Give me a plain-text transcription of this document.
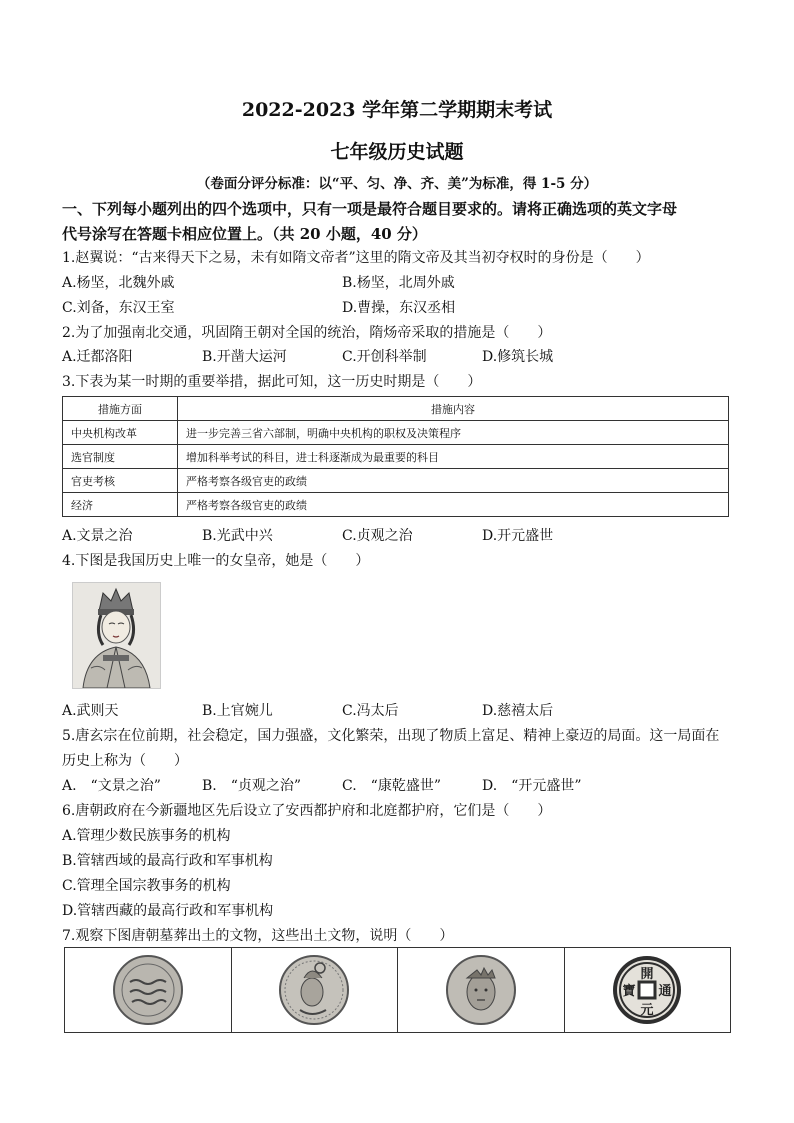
2022-2023 学年第二学期期末考试
七年级历史试题
（卷面分评分标准：以“平、匀、净、齐、美”为标准，得 1-5 分）
一、下列每小题列出的四个选项中，只有一项是最符合题目要求的。请将正确选项的英文字母
代号涂写在答题卡相应位置上。（共 20 小题，40 分）
1.赵翼说：“古来得天下之易，未有如隋文帝者”这里的隋文帝及其当初夺权时的身份是（　　）
A.杨坚，北魏外戚	B.杨坚，北周外戚
C.刘备，东汉王室	D.曹操，东汉丞相
2.为了加强南北交通，巩固隋王朝对全国的统治，隋炀帝采取的措施是（　　）
A.迁都洛阳	B.开凿大运河	C.开创科举制	D.修筑长城
3.下表为某一时期的重要举措，据此可知，这一历史时期是（　　）
措施方面	措施内容
中央机构改革	进一步完善三省六部制，明确中央机构的职权及决策程序
选官制度	增加科举考试的科目，进士科逐渐成为最重要的科目
官吏考核	严格考察各级官吏的政绩
经济	严格考察各级官吏的政绩
A.文景之治	B.光武中兴	C.贞观之治	D.开元盛世
4.下图是我国历史上唯一的女皇帝，她是（　　）
A.武则天	B.上官婉儿	C.冯太后	D.慈禧太后
5.唐玄宗在位前期，社会稳定，国力强盛，文化繁荣，出现了物质上富足、精神上豪迈的局面。这一局面在
历史上称为（　　）
A.　“文景之治”	B.　“贞观之治”	C.　“康乾盛世”	D.　“开元盛世”
6.唐朝政府在今新疆地区先后设立了安西都护府和北庭都护府，它们是（　　）
A.管理少数民族事务的机构
B.管辖西域的最高行政和军事机构
C.管理全国宗教事务的机构
D.管辖西藏的最高行政和军事机构
7.观察下图唐朝墓葬出土的文物，这些出土文物，说明（　　）
開
元
通
寶
